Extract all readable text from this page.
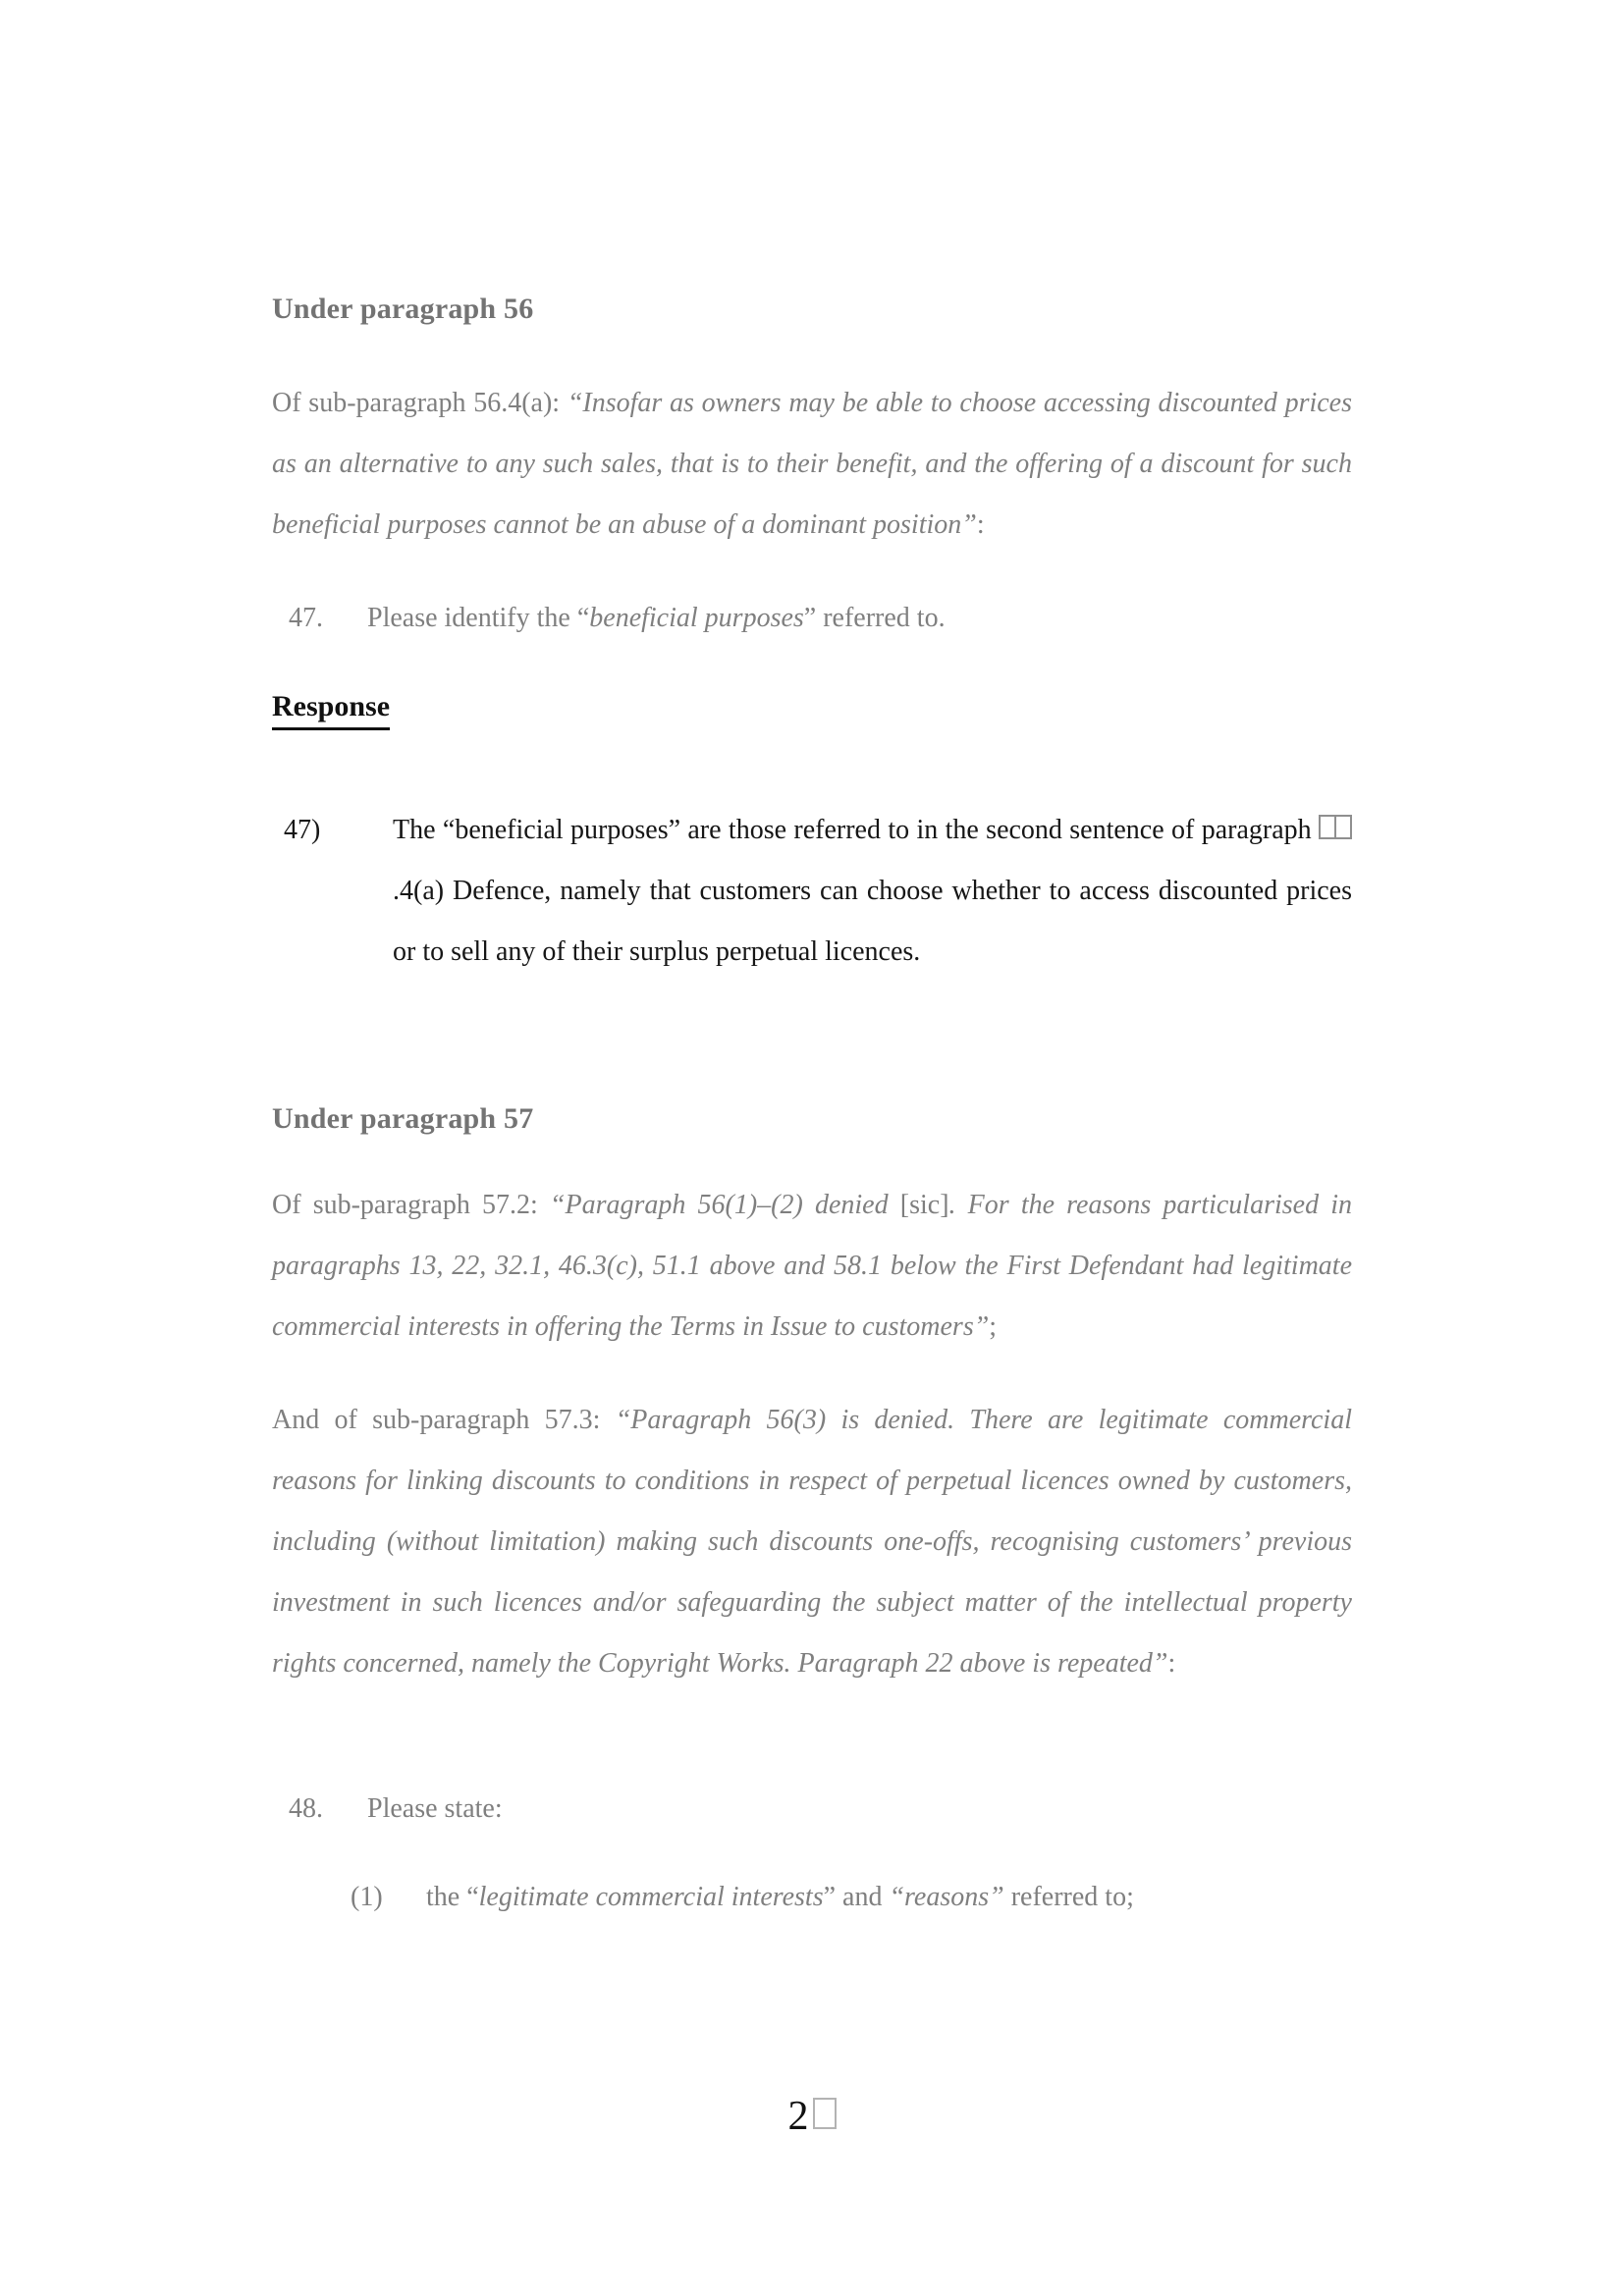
Under paragraph 56
Of sub-paragraph 56.4(a): “Insofar as owners may be able to choose accessing discounted prices as an alternative to any such sales, that is to their benefit, and the offering of a discount for such beneficial purposes cannot be an abuse of a dominant position”:
47. Please identify the “beneficial purposes” referred to.
Response
47)	The “beneficial purposes” are those referred to in the second sentence of paragraph .4(a) Defence, namely that customers can choose whether to access discounted prices or to sell any of their surplus perpetual licences.
Under paragraph 57
Of sub-paragraph 57.2: “Paragraph 56(1)–(2) denied [sic]. For the reasons particularised in paragraphs 13, 22, 32.1, 46.3(c), 51.1 above and 58.1 below the First Defendant had legitimate commercial interests in offering the Terms in Issue to customers”;
And of sub-paragraph 57.3: “Paragraph 56(3) is denied. There are legitimate commercial reasons for linking discounts to conditions in respect of perpetual licences owned by customers, including (without limitation) making such discounts one-offs, recognising customers’ previous investment in such licences and/or safeguarding the subject matter of the intellectual property rights concerned, namely the Copyright Works. Paragraph 22 above is repeated”:
48. Please state:
(1) the “legitimate commercial interests” and “reasons” referred to;
2
